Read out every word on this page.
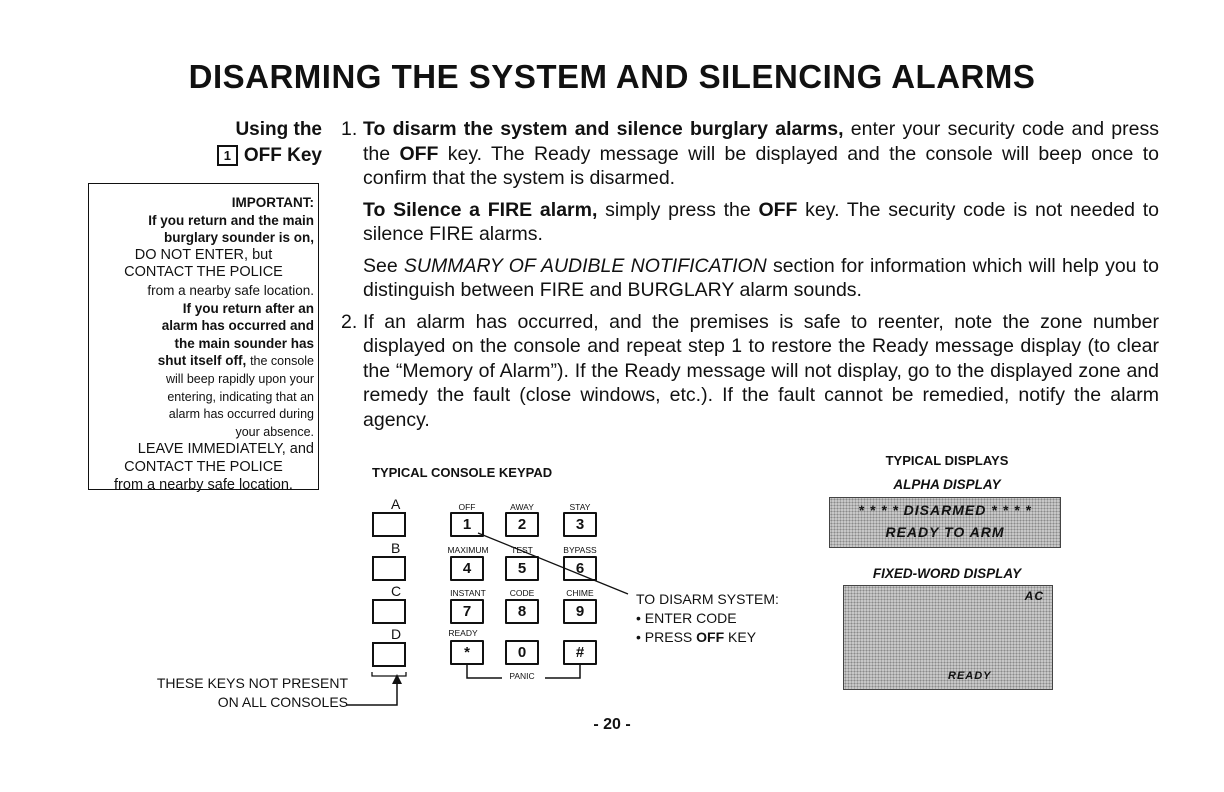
DISARMING THE SYSTEM AND SILENCING ALARMS
Using the
1 OFF Key
IMPORTANT:
If you return and the main
burglary sounder is on,
DO NOT ENTER, but
CONTACT THE POLICE
from a nearby safe location.
If you return after an
alarm has occurred and
the main sounder has
shut itself off, the console
will beep rapidly upon your
entering, indicating that an
alarm has occurred during
your absence.
LEAVE IMMEDIATELY, and
CONTACT THE POLICE
from a nearby safe location.

1. To disarm the system and silence burglary alarms, enter your security code and press the OFF key. The Ready message will be displayed and the console will beep once to confirm that the system is disarmed.

To Silence a FIRE alarm, simply press the OFF key. The security code is not needed to silence FIRE alarms.

See SUMMARY OF AUDIBLE NOTIFICATION section for information which will help you to distinguish between FIRE and BURGLARY alarm sounds.

2. If an alarm has occurred, and the premises is safe to reenter, note the zone number displayed on the console and repeat step 1 to restore the Ready message display (to clear the “Memory of Alarm”). If the Ready message will not display, go to the displayed zone and remedy the fault (close windows, etc.). If the fault cannot be remedied, notify the alarm agency.

TYPICAL CONSOLE KEYPAD
A
B
C
D
OFF	AWAY	STAY
MAXIMUM	TEST	BYPASS
INSTANT	CODE	CHIME
READY
1	2	3
4	5	6
7	8	9
*	0	#
PANIC
TO DISARM SYSTEM:
• ENTER CODE
• PRESS OFF KEY
TYPICAL DISPLAYS
ALPHA DISPLAY
* * * * DISARMED * * * *
READY TO ARM
FIXED-WORD DISPLAY
AC
READY
THESE KEYS NOT PRESENT
ON ALL CONSOLES
- 20 -
